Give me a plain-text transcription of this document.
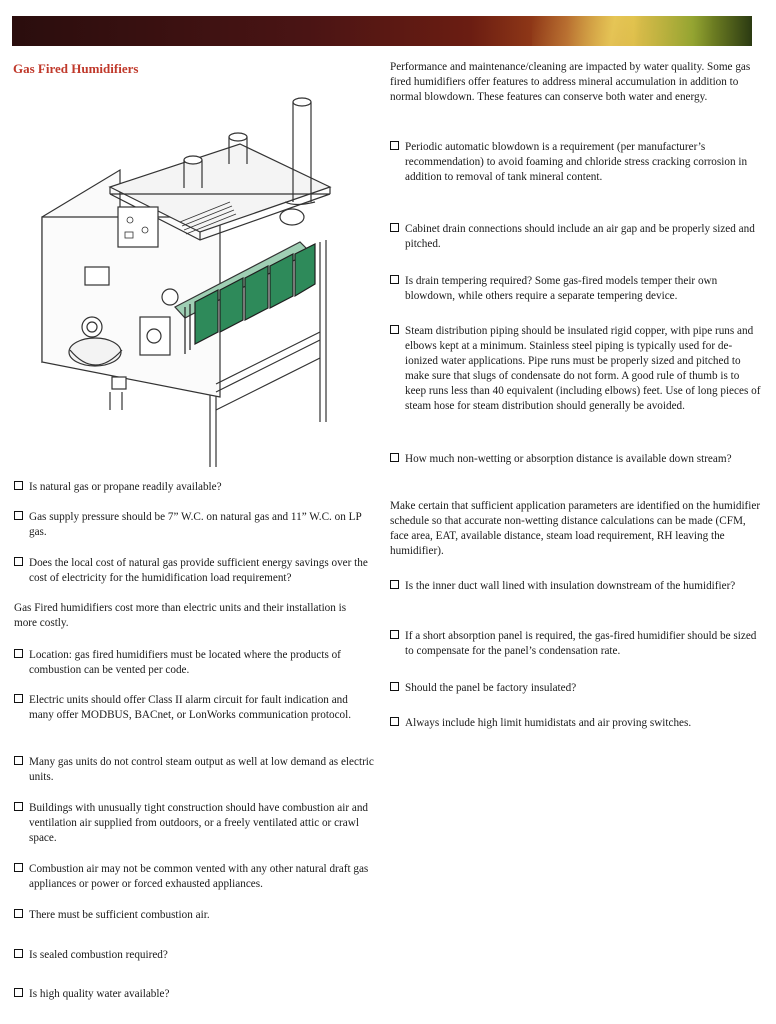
Gas Fired Humidifiers
Is natural gas or propane readily available?
Gas supply pressure should be 7” W.C. on natural gas and 11” W.C. on LP gas.
Does the local cost of natural gas provide sufficient energy savings over the cost of electricity for the humidification load requirement?
Gas Fired humidifiers cost more than electric units and their installation is more costly.
Location: gas fired humidifiers must be located where the products of combustion can be vented per code.
Electric units should offer Class II alarm circuit for fault indication and many offer MODBUS, BACnet, or LonWorks communication protocol.
Many gas units do not control steam output as well at low demand as electric units.
Buildings with unusually tight construction should have combustion air and ventilation air supplied from outdoors, or a freely ventilated attic or crawl space.
Combustion air may not be common vented with any other natural draft gas appliances or power or forced exhausted appliances.
There must be sufficient combustion air.
Is sealed combustion required?
Is high quality water available?
Performance and maintenance/cleaning are impacted by water quality. Some gas fired humidifiers offer features to address mineral accumulation in addition to normal blowdown. These features can conserve both water and energy.
Periodic automatic blowdown is a requirement (per manufacturer’s recommendation) to avoid foaming and chloride stress cracking corrosion in addition to removal of tank mineral content.
Cabinet drain connections should include an air gap and be properly sized and pitched.
Is drain tempering required? Some gas-fired models temper their own blowdown, while others require a separate tempering device.
Steam distribution piping should be insulated rigid copper, with pipe runs and elbows kept at a minimum. Stainless steel piping is typically used for de-ionized water applications. Pipe runs must be properly sized and pitched to make sure that slugs of condensate do not form. A good rule of thumb is to keep runs less than 40 equivalent (including elbows) feet. Use of long pieces of steam hose for steam distribution should generally be avoided.
How much non-wetting or absorption distance is available down stream?
Make certain that sufficient application parameters are identified on the humidifier schedule so that accurate non-wetting distance calculations can be made (CFM, face area, EAT, available distance, steam load requirement, RH leaving the humidifier).
Is the inner duct wall lined with insulation downstream of the humidifier?
If a short absorption panel is required, the gas-fired humidifier should be sized to compensate for the panel’s condensation rate.
Should the panel be factory insulated?
Always include high limit humidistats and air proving switches.
